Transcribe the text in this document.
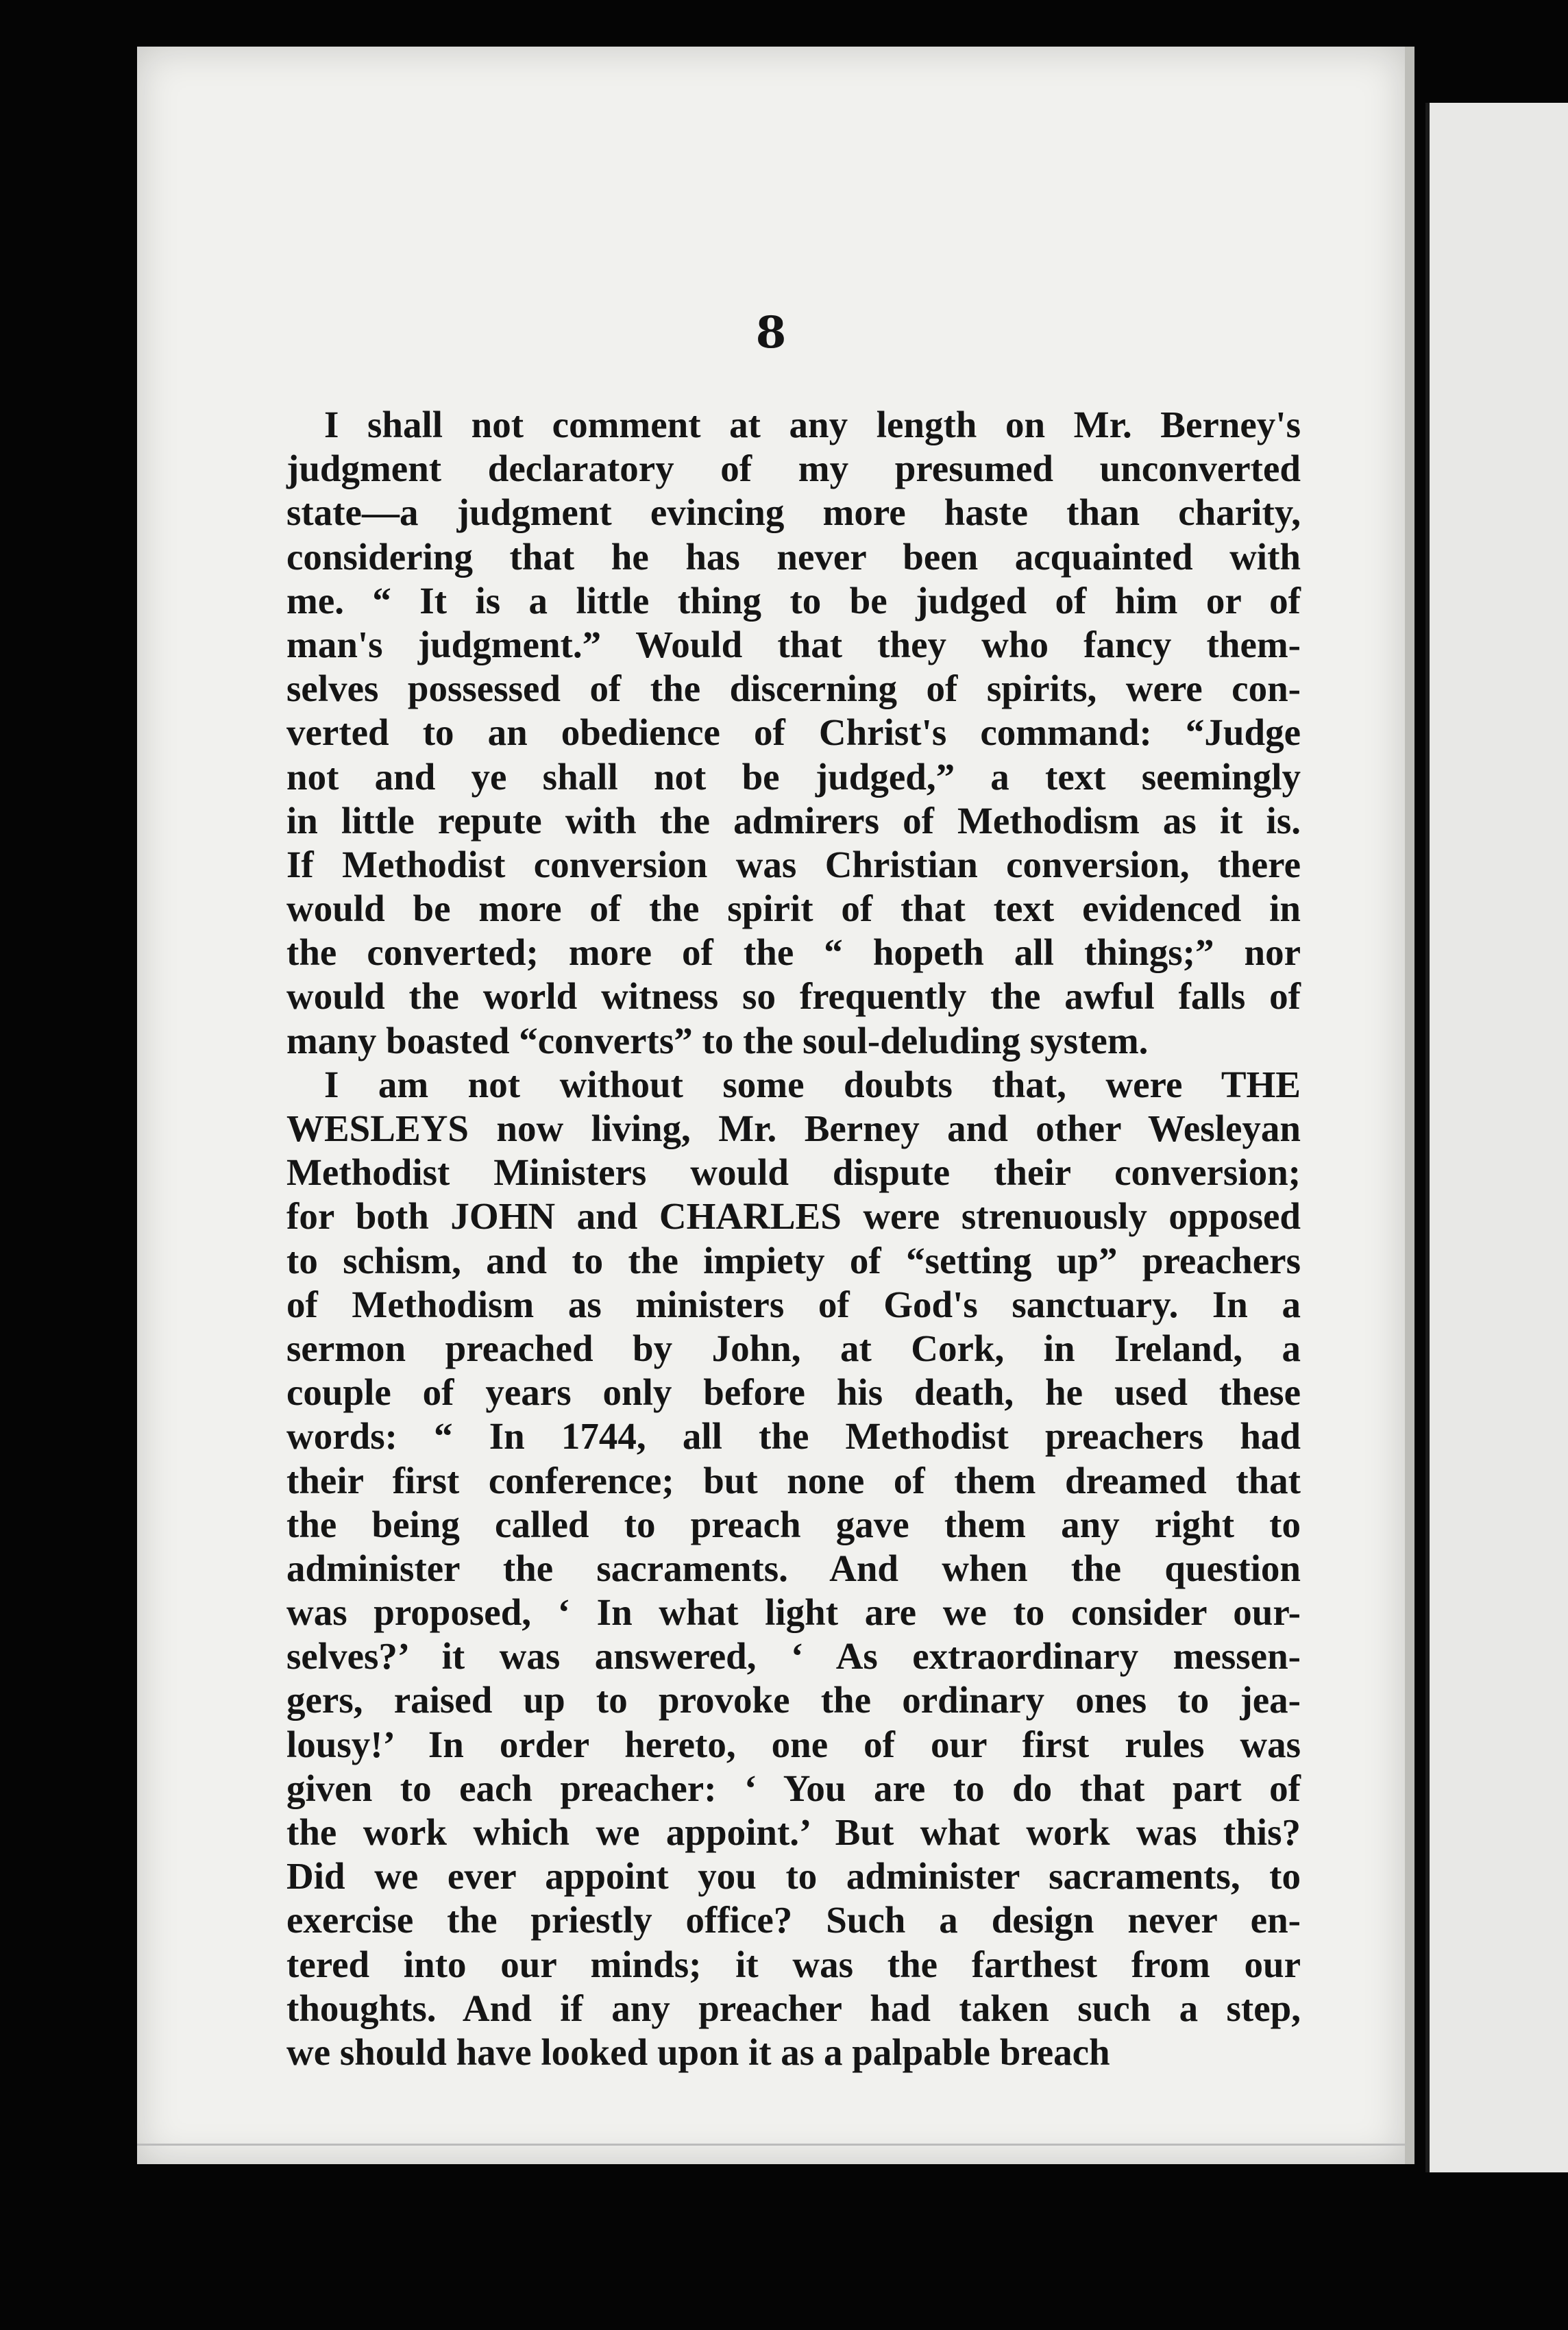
8
I shall not comment at any length on Mr. Berney's
judgment declaratory of my presumed unconverted
state—a judgment evincing more haste than charity,
considering that he has never been acquainted with
me. “ It is a little thing to be judged of him or of
man's judgment.” Would that they who fancy them-
selves possessed of the discerning of spirits, were con-
verted to an obedience of Christ's command: “Judge
not and ye shall not be judged,” a text seemingly
in little repute with the admirers of Methodism as it is.
If Methodist conversion was Christian conversion, there
would be more of the spirit of that text evidenced in
the converted; more of the “ hopeth all things;” nor
would the world witness so frequently the awful falls of
many boasted “converts” to the soul-deluding system.
I am not without some doubts that, were THE
WESLEYS now living, Mr. Berney and other Wesleyan
Methodist Ministers would dispute their conversion;
for both JOHN and CHARLES were strenuously opposed
to schism, and to the impiety of “setting up” preachers
of Methodism as ministers of God's sanctuary. In a
sermon preached by John, at Cork, in Ireland, a
couple of years only before his death, he used these
words: “ In 1744, all the Methodist preachers had
their first conference; but none of them dreamed that
the being called to preach gave them any right to
administer the sacraments. And when the question
was proposed, ‘ In what light are we to consider our-
selves?’ it was answered, ‘ As extraordinary messen-
gers, raised up to provoke the ordinary ones to jea-
lousy!’ In order hereto, one of our first rules was
given to each preacher: ‘ You are to do that part of
the work which we appoint.’ But what work was this?
Did we ever appoint you to administer sacraments, to
exercise the priestly office? Such a design never en-
tered into our minds; it was the farthest from our
thoughts. And if any preacher had taken such a step,
we should have looked upon it as a palpable breach
